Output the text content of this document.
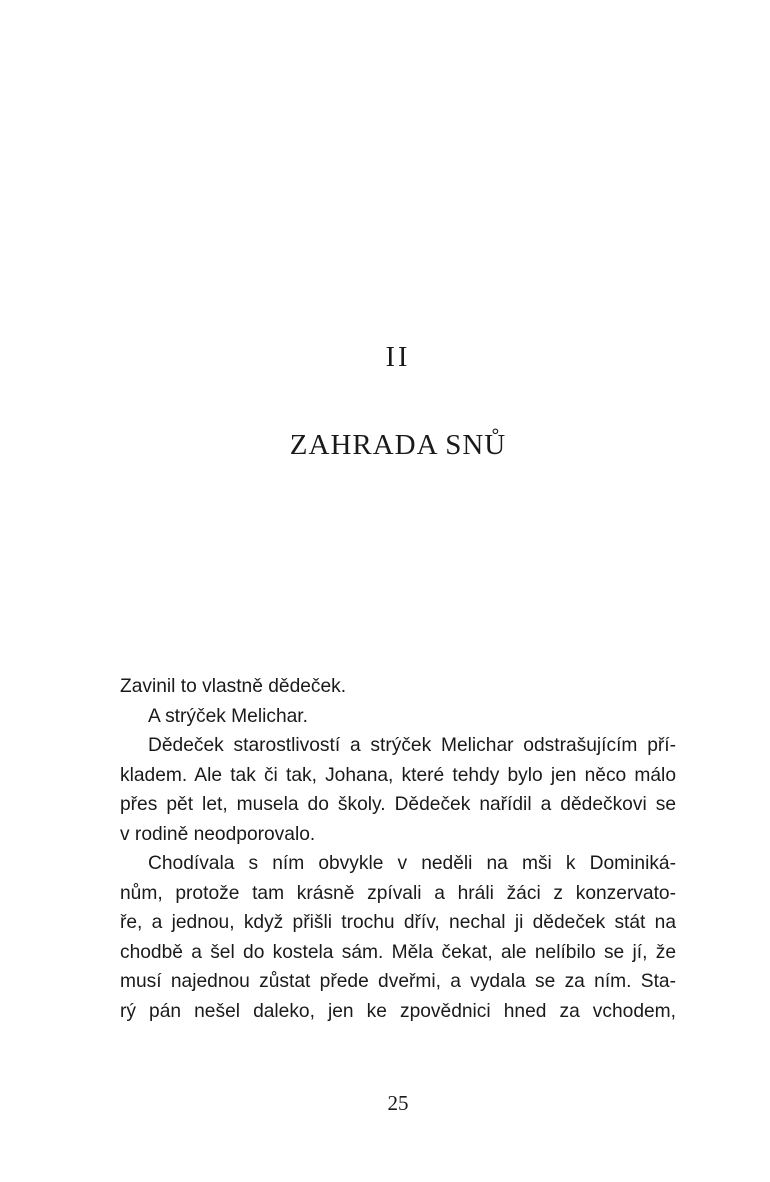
II
ZAHRADA SNŮ
Zavinil to vlastně dědeček.
A strýček Melichar.
Dědeček starostlivostí a strýček Melichar odstrašujícím pří-
kladem. Ale tak či tak, Johana, které tehdy bylo jen něco málo
přes pět let, musela do školy. Dědeček nařídil a dědečkovi se
v rodině neodporovalo.
Chodívala s ním obvykle v neděli na mši k Dominiká-
nům, protože tam krásně zpívali a hráli žáci z konzervato-
ře, a jednou, když přišli trochu dřív, nechal ji dědeček stát na
chodbě a šel do kostela sám. Měla čekat, ale nelíbilo se jí, že
musí najednou zůstat přede dveřmi, a vydala se za ním. Sta-
rý pán nešel daleko, jen ke zpovědnici hned za vchodem,
25
